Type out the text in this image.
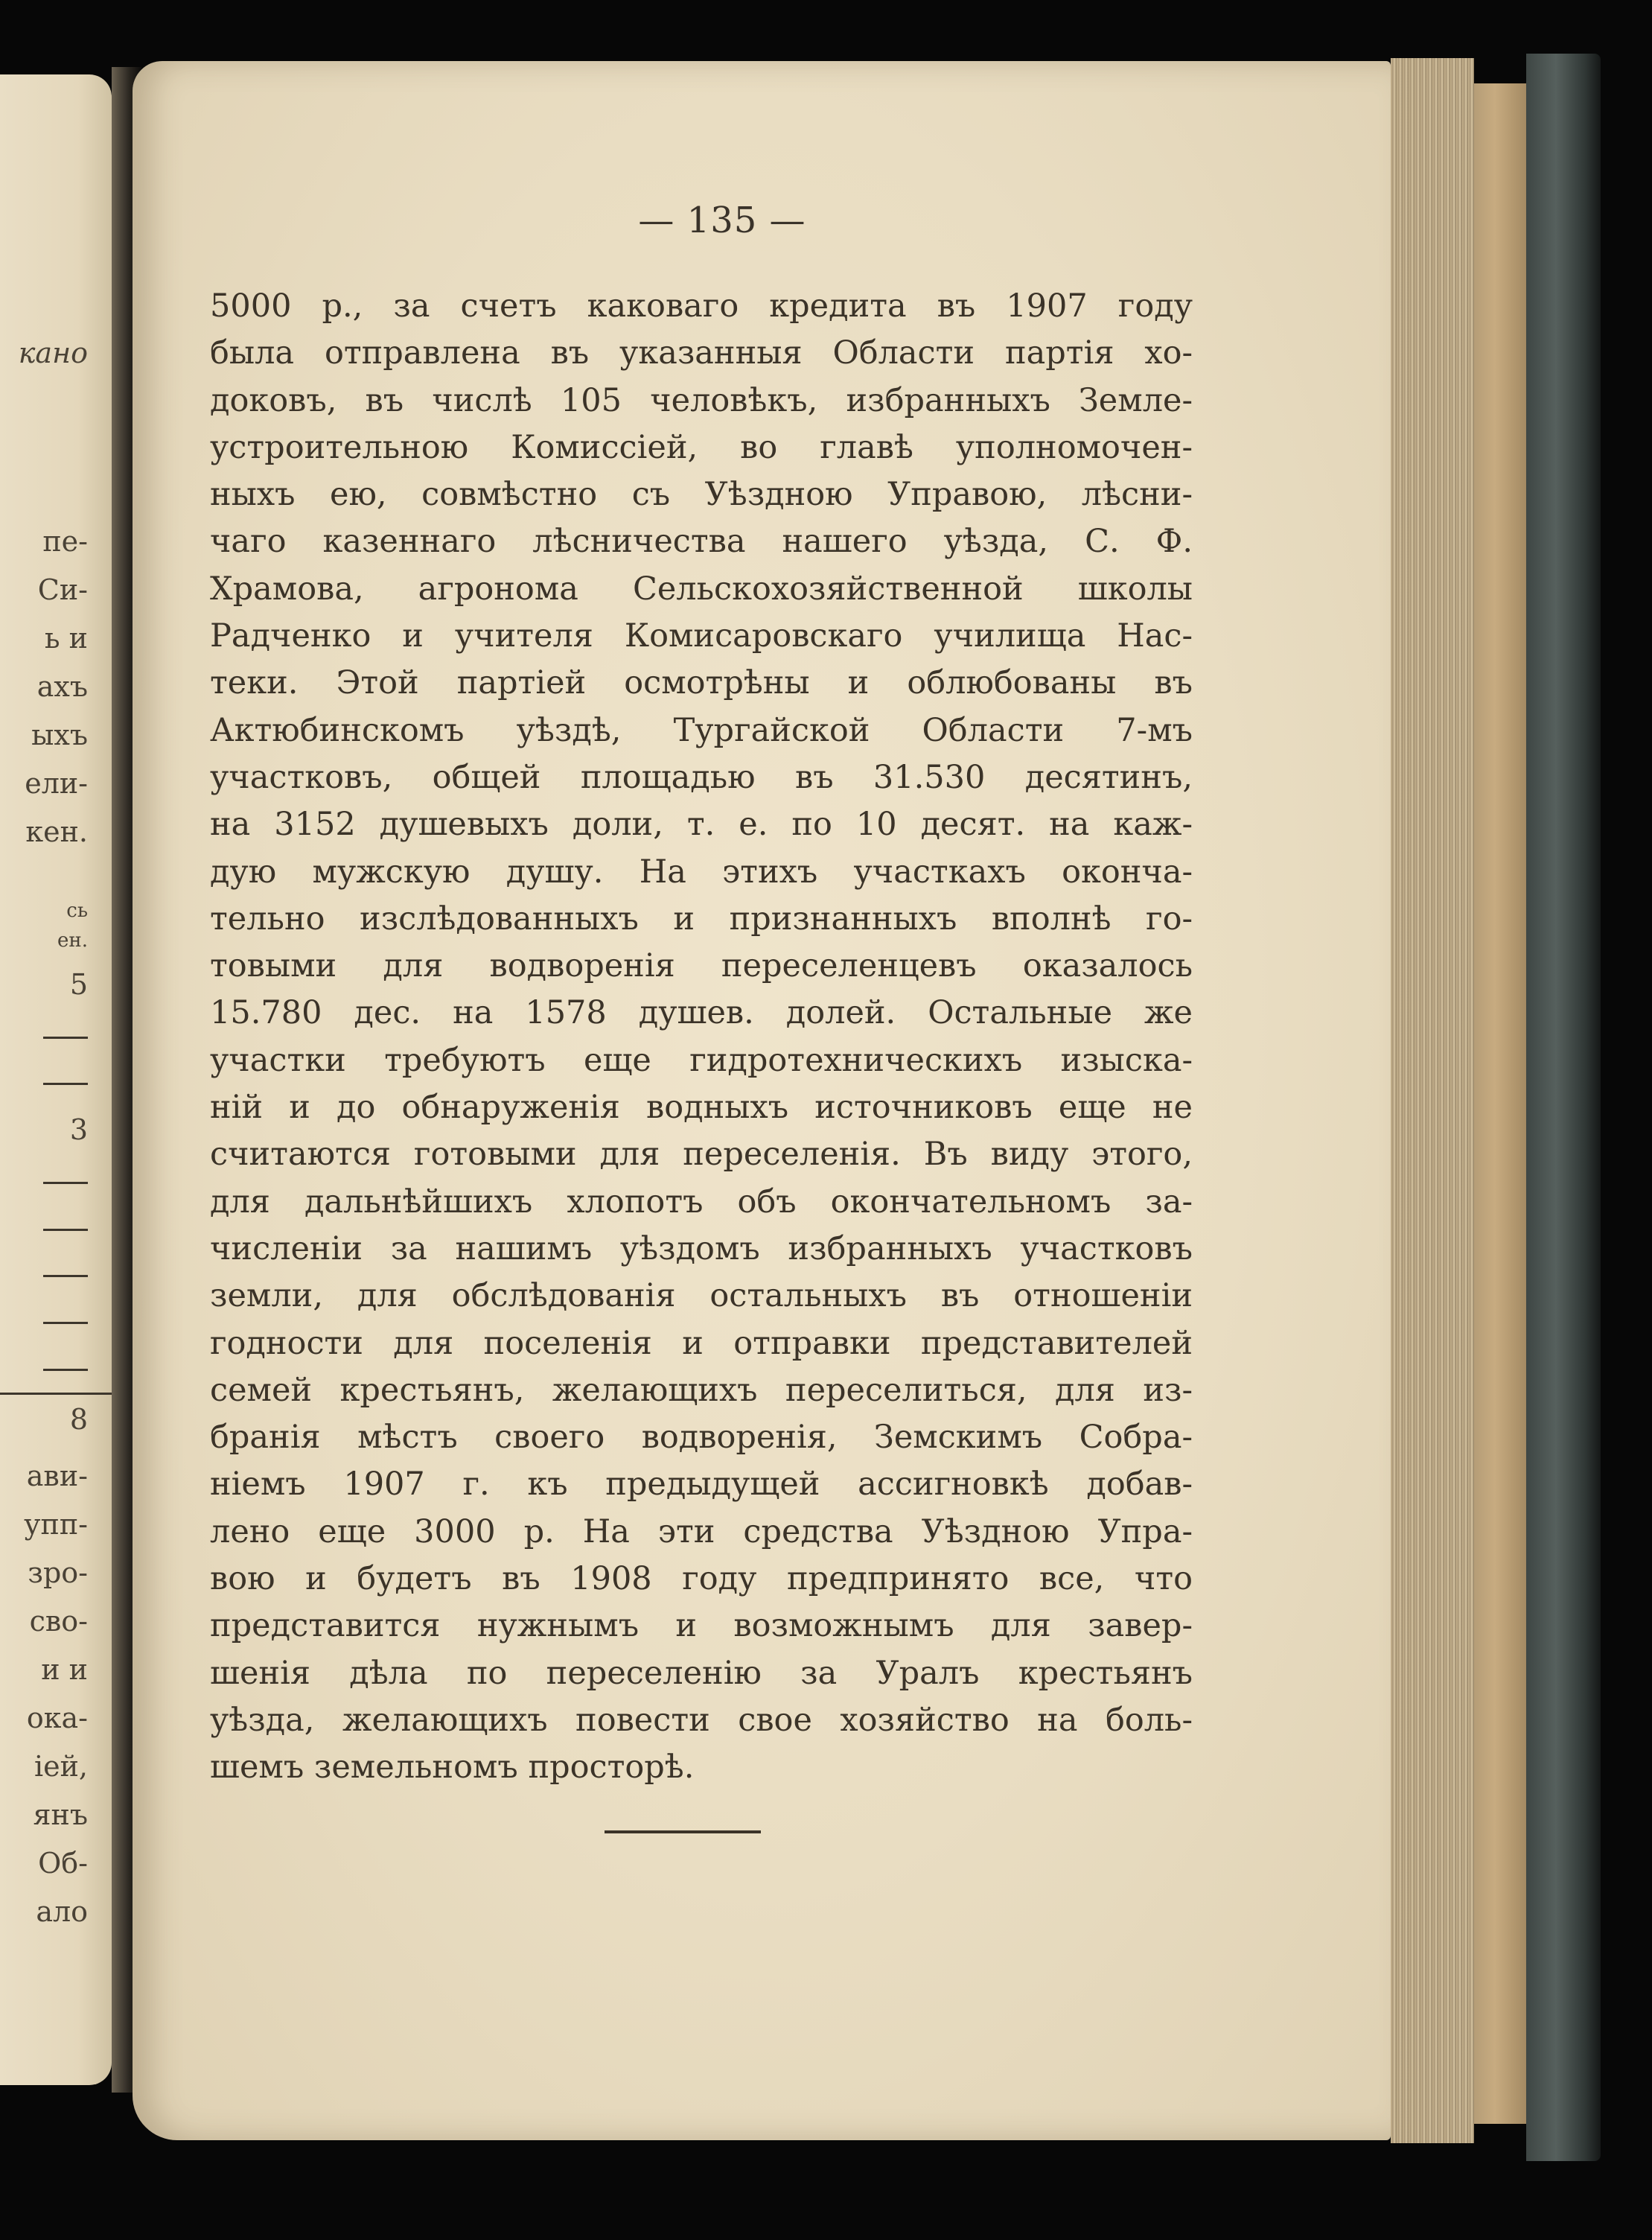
кано
пе-
Си-
ь и
ахъ
ыхъ
ели-
кен.
сь
ен.
5
3
8
ави-
упп-
зро-
сво-
и и
ока-
іей,
янъ
Об-
ало
— 135 —
5000 р., за счетъ каковаго кредита въ 1907 году
была отправлена въ указанныя Области партія хо-
доковъ, въ числѣ 105 человѣкъ, избранныхъ Земле-
устроительною Комиссіей, во главѣ уполномочен-
ныхъ ею, совмѣстно съ Уѣздною Управою, лѣсни-
чаго казеннаго лѣсничества нашего уѣзда, С. Ф.
Храмова, агронома Сельскохозяйственной школы
Радченко и учителя Комисаровскаго училища Нас-
теки. Этой партіей осмотрѣны и облюбованы въ
Актюбинскомъ уѣздѣ, Тургайской Области 7-мъ
участковъ, общей площадью въ 31.530 десятинъ,
на 3152 душевыхъ доли, т. е. по 10 десят. на каж-
дую мужскую душу. На этихъ участкахъ оконча-
тельно изслѣдованныхъ и признанныхъ вполнѣ го-
товыми для водворенія переселенцевъ оказалось
15.780 дес. на 1578 душев. долей. Остальные же
участки требуютъ еще гидротехническихъ изыска-
ній и до обнаруженія водныхъ источниковъ еще не
считаются готовыми для переселенія. Въ виду этого,
для дальнѣйшихъ хлопотъ объ окончательномъ за-
численіи за нашимъ уѣздомъ избранныхъ участковъ
земли, для обслѣдованія остальныхъ въ отношеніи
годности для поселенія и отправки представителей
семей крестьянъ, желающихъ переселиться, для из-
бранія мѣстъ своего водворенія, Земскимъ Собра-
ніемъ 1907 г. къ предыдущей ассигновкѣ добав-
лено еще 3000 р. На эти средства Уѣздною Упра-
вою и будетъ въ 1908 году предпринято все, что
представится нужнымъ и возможнымъ для завер-
шенія дѣла по переселенію за Уралъ крестьянъ
уѣзда, желающихъ повести свое хозяйство на боль-
шемъ земельномъ просторѣ.
